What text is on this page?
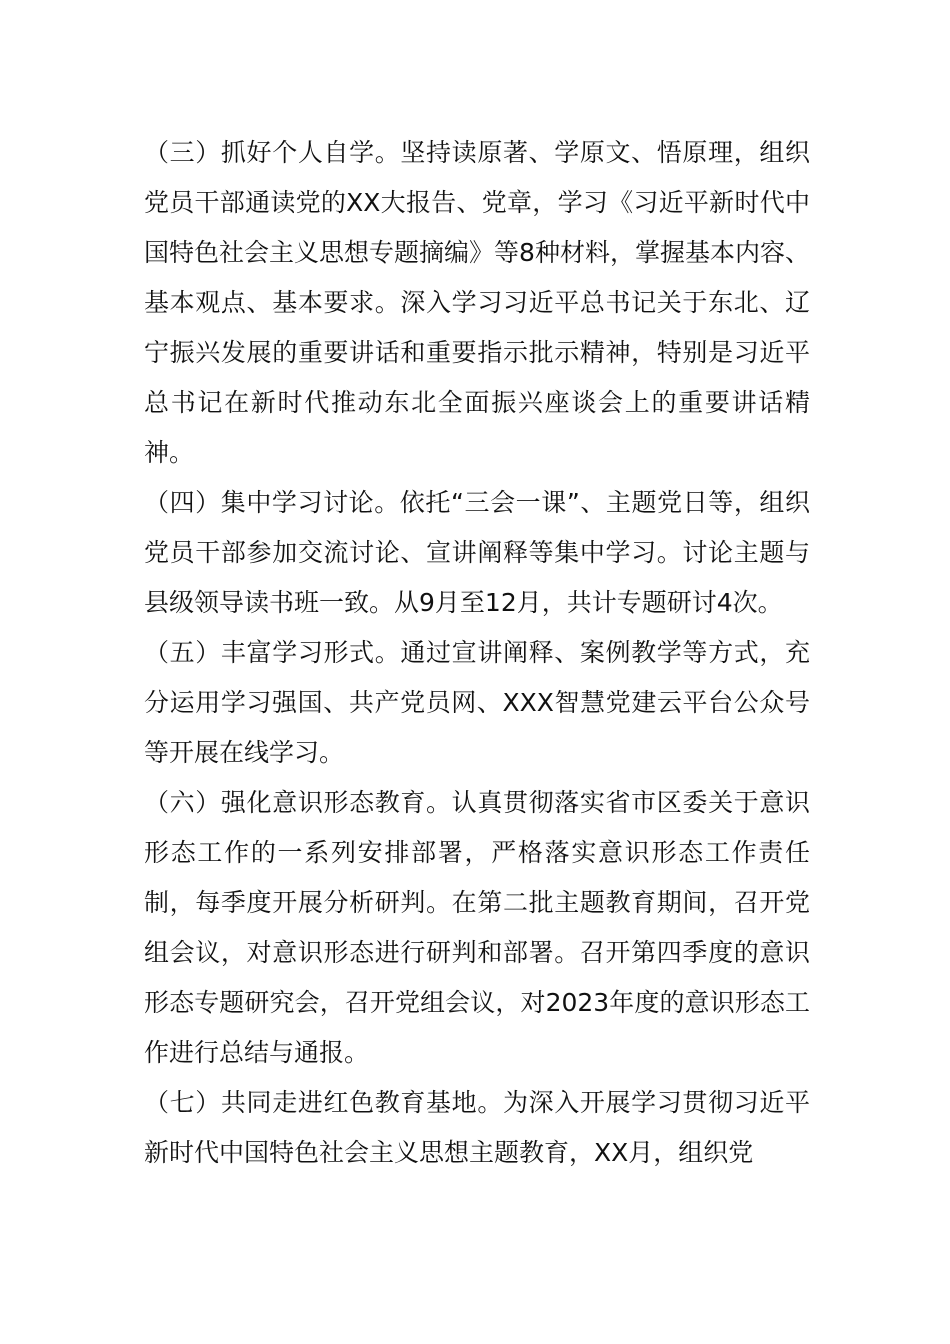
（三）抓好个人自学。坚持读原著、学原文、悟原理，组织党员干部通读党的XX大报告、党章，学习《习近平新时代中国特色社会主义思想专题摘编》等8种材料，掌握基本内容、基本观点、基本要求。深入学习习近平总书记关于东北、辽宁振兴发展的重要讲话和重要指示批示精神，特别是习近平总书记在新时代推动东北全面振兴座谈会上的重要讲话精神。

（四）集中学习讨论。依托“三会一课”、主题党日等，组织党员干部参加交流讨论、宣讲阐释等集中学习。讨论主题与县级领导读书班一致。从9月至12月，共计专题研讨4次。

（五）丰富学习形式。通过宣讲阐释、案例教学等方式，充分运用学习强国、共产党员网、XXX智慧党建云平台公众号等开展在线学习。

（六）强化意识形态教育。认真贯彻落实省市区委关于意识形态工作的一系列安排部署，严格落实意识形态工作责任制，每季度开展分析研判。在第二批主题教育期间，召开党组会议，对意识形态进行研判和部署。召开第四季度的意识形态专题研究会，召开党组会议，对2023年度的意识形态工作进行总结与通报。

（七）共同走进红色教育基地。为深入开展学习贯彻习近平新时代中国特色社会主义思想主题教育，XX月，组织党
